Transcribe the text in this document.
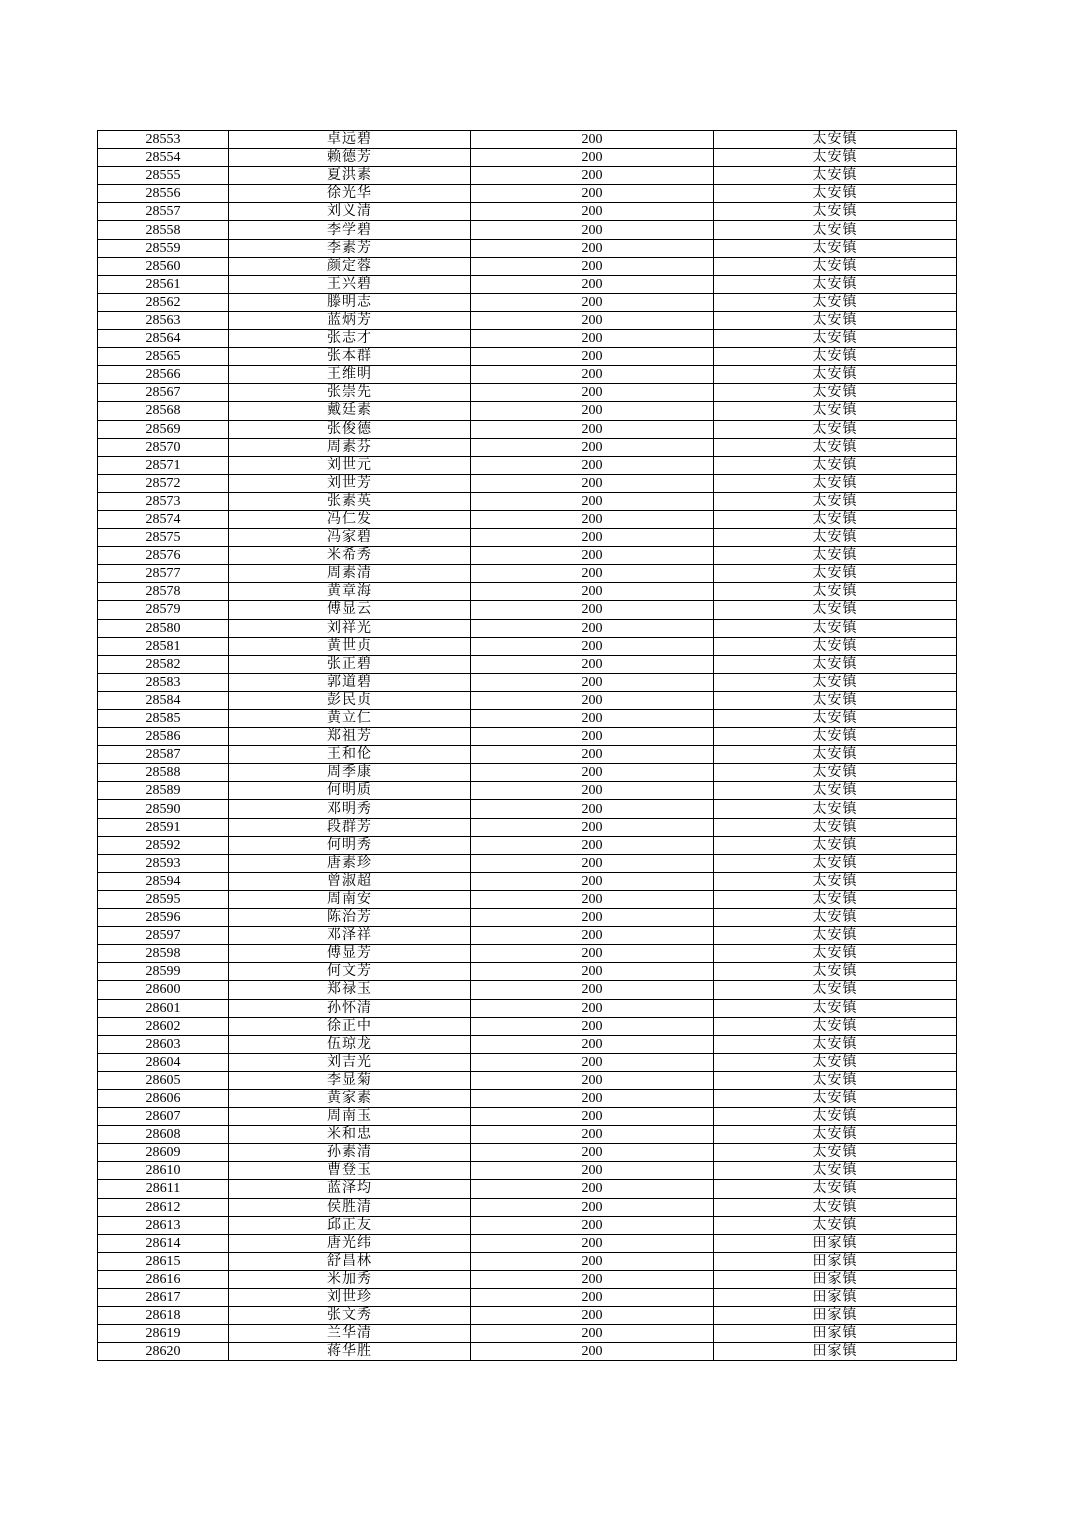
28553	卓远碧	200	太安镇
28554	赖德芳	200	太安镇
28555	夏洪素	200	太安镇
28556	徐光华	200	太安镇
28557	刘义清	200	太安镇
28558	李学碧	200	太安镇
28559	李素芳	200	太安镇
28560	颜定蓉	200	太安镇
28561	王兴碧	200	太安镇
28562	滕明志	200	太安镇
28563	蓝炳芳	200	太安镇
28564	张志才	200	太安镇
28565	张本群	200	太安镇
28566	王维明	200	太安镇
28567	张崇先	200	太安镇
28568	戴廷素	200	太安镇
28569	张俊德	200	太安镇
28570	周素芬	200	太安镇
28571	刘世元	200	太安镇
28572	刘世芳	200	太安镇
28573	张素英	200	太安镇
28574	冯仁发	200	太安镇
28575	冯家碧	200	太安镇
28576	米希秀	200	太安镇
28577	周素清	200	太安镇
28578	黄章海	200	太安镇
28579	傅显云	200	太安镇
28580	刘祥光	200	太安镇
28581	黄世贞	200	太安镇
28582	张正碧	200	太安镇
28583	郭道碧	200	太安镇
28584	彭民贞	200	太安镇
28585	黄立仁	200	太安镇
28586	郑祖芳	200	太安镇
28587	王和伦	200	太安镇
28588	周季康	200	太安镇
28589	何明质	200	太安镇
28590	邓明秀	200	太安镇
28591	段群芳	200	太安镇
28592	何明秀	200	太安镇
28593	唐素珍	200	太安镇
28594	曾淑超	200	太安镇
28595	周南安	200	太安镇
28596	陈治芳	200	太安镇
28597	邓泽祥	200	太安镇
28598	傅显芳	200	太安镇
28599	何文芳	200	太安镇
28600	郑禄玉	200	太安镇
28601	孙怀清	200	太安镇
28602	徐正中	200	太安镇
28603	伍琼龙	200	太安镇
28604	刘吉光	200	太安镇
28605	李显菊	200	太安镇
28606	黄家素	200	太安镇
28607	周南玉	200	太安镇
28608	米和忠	200	太安镇
28609	孙素清	200	太安镇
28610	曹登玉	200	太安镇
28611	蓝泽均	200	太安镇
28612	侯胜清	200	太安镇
28613	邱正友	200	太安镇
28614	唐光纬	200	田家镇
28615	舒昌林	200	田家镇
28616	米加秀	200	田家镇
28617	刘世珍	200	田家镇
28618	张文秀	200	田家镇
28619	兰华清	200	田家镇
28620	蒋华胜	200	田家镇
